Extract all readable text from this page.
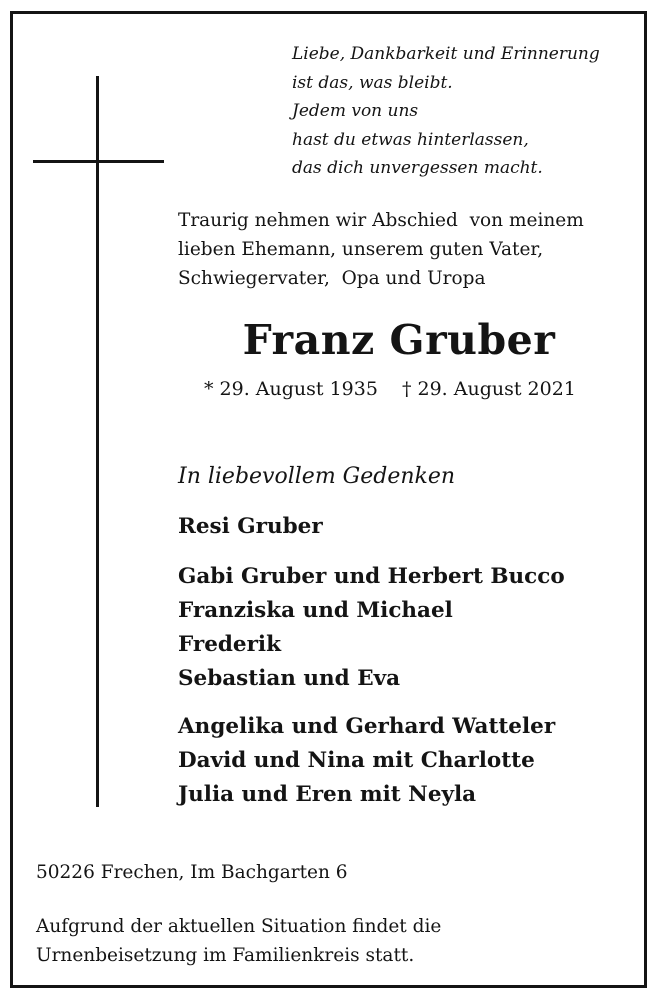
Liebe, Dankbarkeit und Erinnerung
ist das, was bleibt.
Jedem von uns
hast du etwas hinterlassen,
das dich unvergessen macht.
Traurig nehmen wir Abschied  von meinem
lieben Ehemann, unserem guten Vater,
Schwiegervater,  Opa und Uropa
Franz Gruber
* 29. August 1935 † 29. August 2021
In liebevollem Gedenken
Resi Gruber
Gabi Gruber und Herbert Bucco
Franziska und Michael
Frederik
Sebastian und Eva
Angelika und Gerhard Watteler
David und Nina mit Charlotte
Julia und Eren mit Neyla
50226 Frechen, Im Bachgarten 6
Aufgrund der aktuellen Situation findet die
Urnenbeisetzung im Familienkreis statt.
